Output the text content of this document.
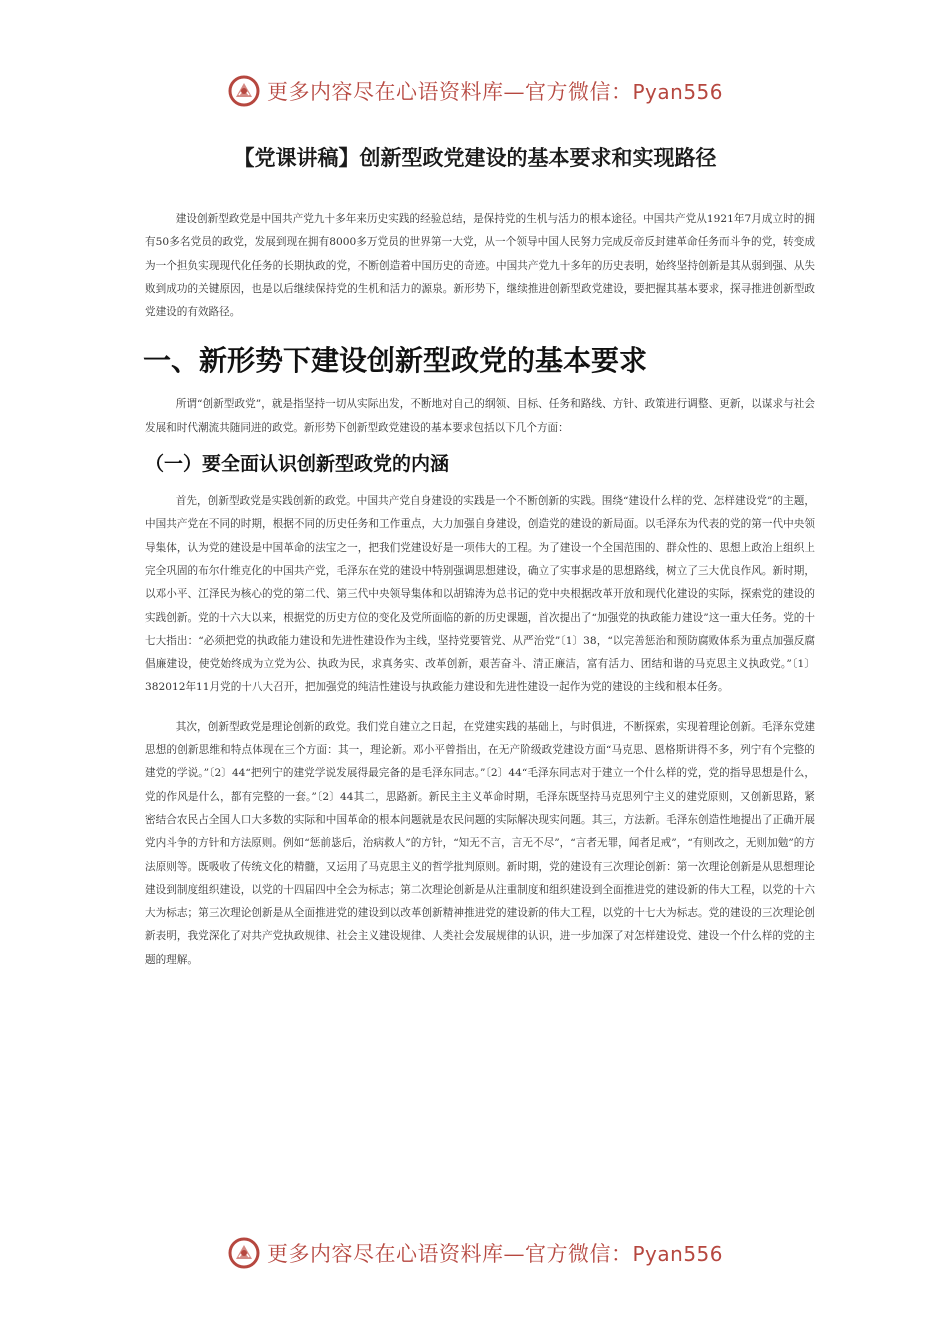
更多内容尽在心语资料库—官方微信：Pyan556
【党课讲稿】创新型政党建设的基本要求和实现路径

建设创新型政党是中国共产党九十多年来历史实践的经验总结，是保持党的生机与活力的根本途径。中国共产党从1921年7月成立时的拥有50多名党员的政党，发展到现在拥有8000多万党员的世界第一大党，从一个领导中国人民努力完成反帝反封建革命任务而斗争的党，转变成为一个担负实现现代化任务的长期执政的党，不断创造着中国历史的奇迹。中国共产党九十多年的历史表明，始终坚持创新是其从弱到强、从失败到成功的关键原因，也是以后继续保持党的生机和活力的源泉。新形势下，继续推进创新型政党建设，要把握其基本要求，探寻推进创新型政党建设的有效路径。

一、新形势下建设创新型政党的基本要求

所谓“创新型政党”，就是指坚持一切从实际出发，不断地对自己的纲领、目标、任务和路线、方针、政策进行调整、更新，以谋求与社会发展和时代潮流共随同进的政党。新形势下创新型政党建设的基本要求包括以下几个方面：

（一）要全面认识创新型政党的内涵

首先，创新型政党是实践创新的政党。中国共产党自身建设的实践是一个不断创新的实践。围绕“建设什么样的党、怎样建设党”的主题，中国共产党在不同的时期，根据不同的历史任务和工作重点，大力加强自身建设，创造党的建设的新局面。以毛泽东为代表的党的第一代中央领导集体，认为党的建设是中国革命的法宝之一，把我们党建设好是一项伟大的工程。为了建设一个全国范围的、群众性的、思想上政治上组织上完全巩固的布尔什维克化的中国共产党，毛泽东在党的建设中特别强调思想建设，确立了实事求是的思想路线，树立了三大优良作风。新时期，以邓小平、江泽民为核心的党的第二代、第三代中央领导集体和以胡锦涛为总书记的党中央根据改革开放和现代化建设的实际，探索党的建设的实践创新。党的十六大以来，根据党的历史方位的变化及党所面临的新的历史课题，首次提出了“加强党的执政能力建设”这一重大任务。党的十七大指出：“必须把党的执政能力建设和先进性建设作为主线，坚持党要管党、从严治党”〔1〕38，“以完善惩治和预防腐败体系为重点加强反腐倡廉建设，使党始终成为立党为公、执政为民，求真务实、改革创新，艰苦奋斗、清正廉洁，富有活力、团结和谐的马克思主义执政党。”〔1〕382012年11月党的十八大召开，把加强党的纯洁性建设与执政能力建设和先进性建设一起作为党的建设的主线和根本任务。

其次，创新型政党是理论创新的政党。我们党自建立之日起，在党建实践的基础上，与时俱进，不断探索，实现着理论创新。毛泽东党建思想的创新思维和特点体现在三个方面：其一，理论新。邓小平曾指出，在无产阶级政党建设方面“马克思、恩格斯讲得不多，列宁有个完整的建党的学说。”〔2〕44“把列宁的建党学说发展得最完备的是毛泽东同志。”〔2〕44“毛泽东同志对于建立一个什么样的党，党的指导思想是什么，党的作风是什么，都有完整的一套。”〔2〕44其二，思路新。新民主主义革命时期，毛泽东既坚持马克思列宁主义的建党原则，又创新思路，紧密结合农民占全国人口大多数的实际和中国革命的根本问题就是农民问题的实际解决现实问题。其三，方法新。毛泽东创造性地提出了正确开展党内斗争的方针和方法原则。例如“惩前毖后，治病救人”的方针，“知无不言，言无不尽”，“言者无罪，闻者足戒”，“有则改之，无则加勉”的方法原则等。既吸收了传统文化的精髓，又运用了马克思主义的哲学批判原则。新时期，党的建设有三次理论创新：第一次理论创新是从思想理论建设到制度组织建设，以党的十四届四中全会为标志；第二次理论创新是从注重制度和组织建设到全面推进党的建设新的伟大工程，以党的十六大为标志；第三次理论创新是从全面推进党的建设到以改革创新精神推进党的建设新的伟大工程，以党的十七大为标志。党的建设的三次理论创新表明，我党深化了对共产党执政规律、社会主义建设规律、人类社会发展规律的认识，进一步加深了对怎样建设党、建设一个什么样的党的主题的理解。

更多内容尽在心语资料库—官方微信：Pyan556
